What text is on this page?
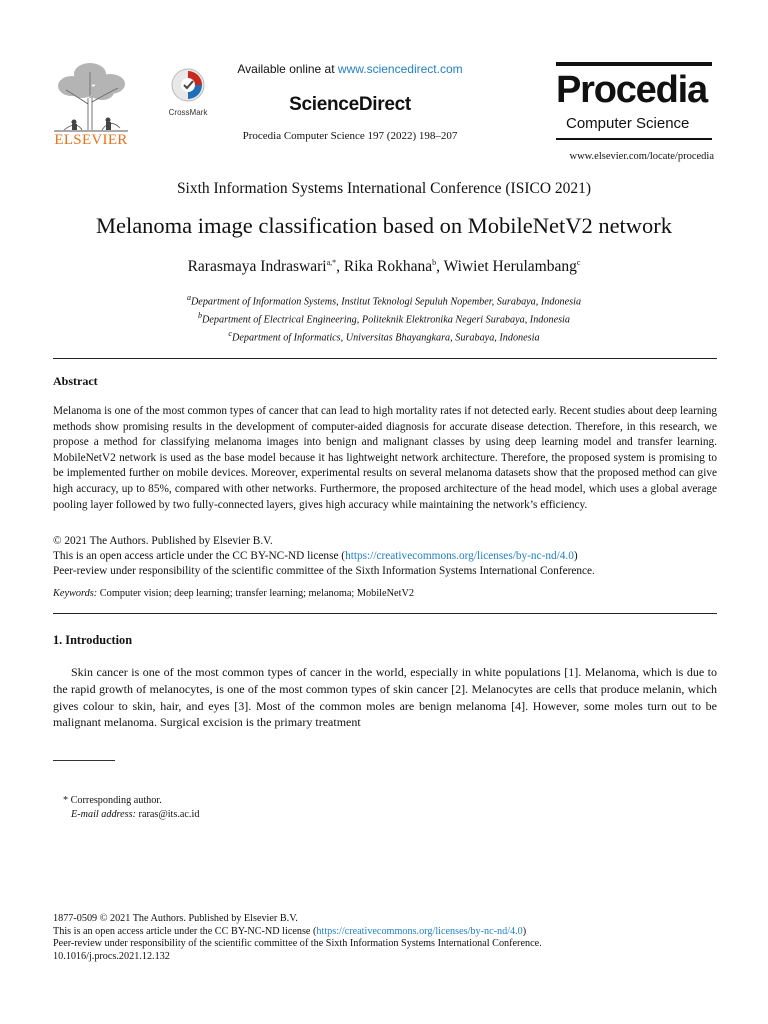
ELSEVIER
CrossMark
Available online at www.sciencedirect.com
ScienceDirect
Procedia Computer Science 197 (2022) 198–207
Procedia
Computer Science
www.elsevier.com/locate/procedia
Sixth Information Systems International Conference (ISICO 2021)
Melanoma image classification based on MobileNetV2 network
Rarasmaya Indraswari$^{a,*}$, Rika Rokhana$^b$, Wiwiet Herulambang$^c$
$^a$Department of Information Systems, Institut Teknologi Sepuluh Nopember, Surabaya, Indonesia
$^b$Department of Electrical Engineering, Politeknik Elektronika Negeri Surabaya, Indonesia
$^c$Department of Informatics, Universitas Bhayangkara, Surabaya, Indonesia
Abstract
Melanoma is one of the most common types of cancer that can lead to high mortality rates if not detected early. Recent studies about deep learning methods show promising results in the development of computer-aided diagnosis for accurate disease detection. Therefore, in this research, we propose a method for classifying melanoma images into benign and malignant classes by using deep learning model and transfer learning. MobileNetV2 network is used as the base model because it has lightweight network architecture. Therefore, the proposed system is promising to be implemented further on mobile devices. Moreover, experimental results on several melanoma datasets show that the proposed method can give high accuracy, up to 85%, compared with other networks. Furthermore, the proposed architecture of the head model, which uses a global average pooling layer followed by two fully-connected layers, gives high accuracy while maintaining the network’s efficiency.
© 2021 The Authors. Published by Elsevier B.V.
This is an open access article under the CC BY-NC-ND license (https://creativecommons.org/licenses/by-nc-nd/4.0)
Peer-review under responsibility of the scientific committee of the Sixth Information Systems International Conference.
Keywords: Computer vision; deep learning; transfer learning; melanoma; MobileNetV2
1. Introduction
Skin cancer is one of the most common types of cancer in the world, especially in white populations [1]. Melanoma, which is due to the rapid growth of melanocytes, is one of the most common types of skin cancer [2]. Melanocytes are cells that produce melanin, which gives colour to skin, hair, and eyes [3]. Most of the common moles are benign melanoma [4]. However, some moles turn out to be malignant melanoma. Surgical excision is the primary treatment
* Corresponding author.
E-mail address: raras@its.ac.id
1877-0509 © 2021 The Authors. Published by Elsevier B.V.
This is an open access article under the CC BY-NC-ND license (https://creativecommons.org/licenses/by-nc-nd/4.0)
Peer-review under responsibility of the scientific committee of the Sixth Information Systems International Conference.
10.1016/j.procs.2021.12.132
